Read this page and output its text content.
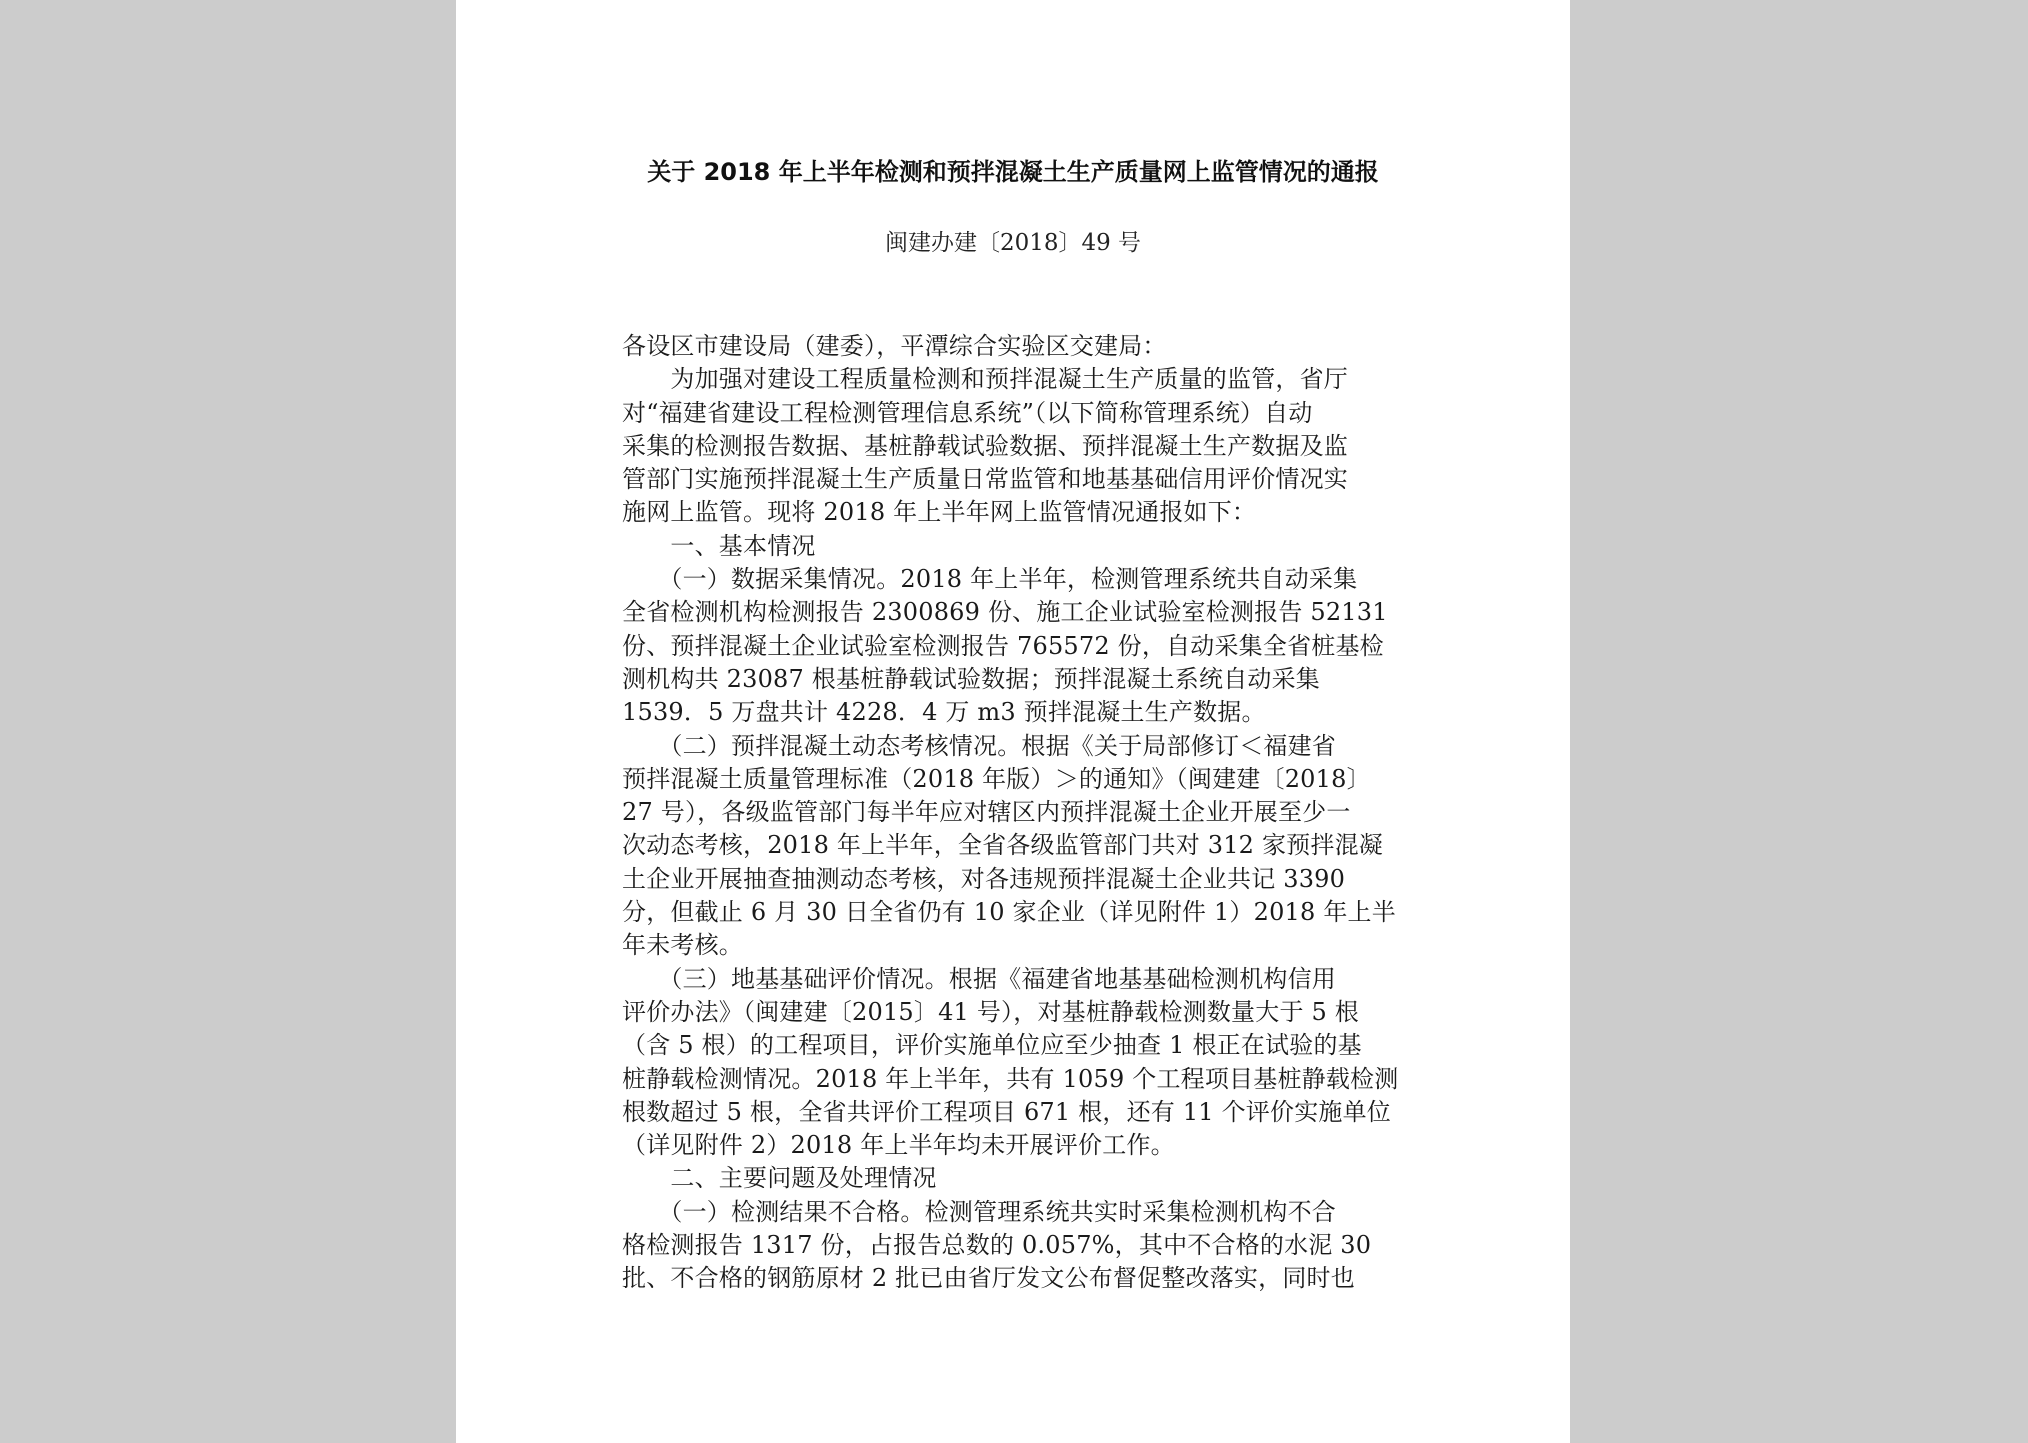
关于 2018 年上半年检测和预拌混凝土生产质量网上监管情况的通报
闽建办建〔2018〕49 号

各设区市建设局（建委），平潭综合实验区交建局：

　　为加强对建设工程质量检测和预拌混凝土生产质量的监管，省厅

对“福建省建设工程检测管理信息系统”（以下简称管理系统）自动

采集的检测报告数据、基桩静载试验数据、预拌混凝土生产数据及监

管部门实施预拌混凝土生产质量日常监管和地基基础信用评价情况实

施网上监管。现将 2018 年上半年网上监管情况通报如下：

　　一、基本情况

　　（一）数据采集情况。2018 年上半年，检测管理系统共自动采集

全省检测机构检测报告 2300869 份、施工企业试验室检测报告 52131

份、预拌混凝土企业试验室检测报告 765572 份，自动采集全省桩基检

测机构共 23087 根基桩静载试验数据；预拌混凝土系统自动采集

1539．5 万盘共计 4228．4 万 m3 预拌混凝土生产数据。

　　（二）预拌混凝土动态考核情况。根据《关于局部修订＜福建省

预拌混凝土质量管理标准（2018 年版）＞的通知》（闽建建〔2018〕

27 号），各级监管部门每半年应对辖区内预拌混凝土企业开展至少一

次动态考核，2018 年上半年，全省各级监管部门共对 312 家预拌混凝

土企业开展抽查抽测动态考核，对各违规预拌混凝土企业共记 3390

分，但截止 6 月 30 日全省仍有 10 家企业（详见附件 1）2018 年上半

年未考核。

　　（三）地基基础评价情况。根据《福建省地基基础检测机构信用

评价办法》（闽建建〔2015〕41 号），对基桩静载检测数量大于 5 根

（含 5 根）的工程项目，评价实施单位应至少抽查 1 根正在试验的基

桩静载检测情况。2018 年上半年，共有 1059 个工程项目基桩静载检测

根数超过 5 根，全省共评价工程项目 671 根，还有 11 个评价实施单位

（详见附件 2）2018 年上半年均未开展评价工作。

　　二、主要问题及处理情况

　　（一）检测结果不合格。检测管理系统共实时采集检测机构不合

格检测报告 1317 份，占报告总数的 0.057%，其中不合格的水泥 30

批、不合格的钢筋原材 2 批已由省厅发文公布督促整改落实，同时也
